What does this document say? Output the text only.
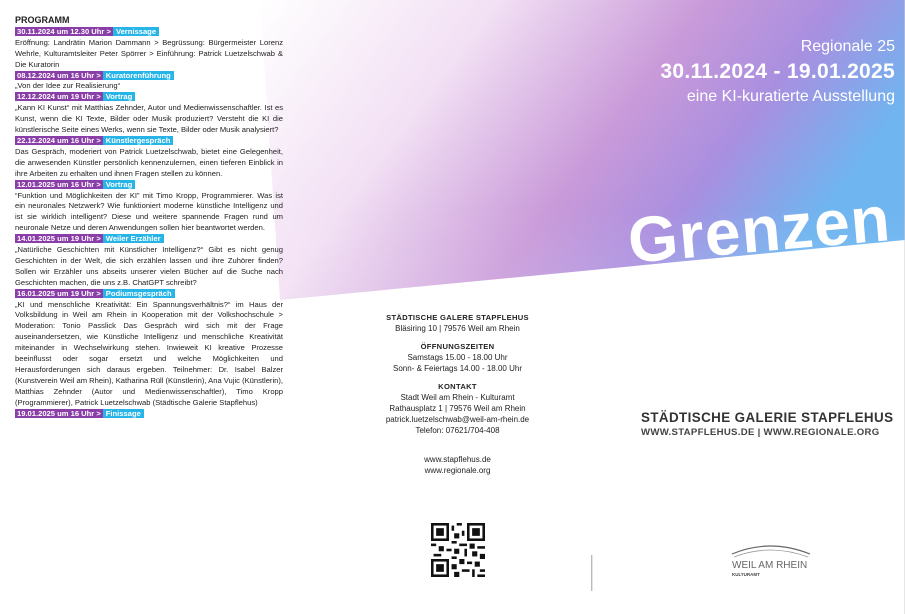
PROGRAMM
30.11.2024 um 12.30 Uhr > Vernissage

Eröffnung: Landrätin Marion Dammann > Begrüssung: Bürgermeister Lorenz Wehrle, Kulturamtsleiter Peter Spörrer > Einführung: Patrick Luetzelschwab & Die Kuratorin

08.12.2024 um 16 Uhr > Kuratorenführung

„Von der Idee zur Realisierung“

12.12.2024 um 19 Uhr > Vortrag

„Kann KI Kunst“ mit Matthias Zehnder, Autor und Medienwissenschaftler. Ist es Kunst, wenn die KI Texte, Bilder oder Musik produziert? Versteht die KI die künstlerische Seite eines Werks, wenn sie Texte, Bilder oder Musik analysiert?

22.12.2024 um 16 Uhr > Künstlergespräch

Das Gespräch, moderiert von Patrick Luetzelschwab, bietet eine Gelegenheit, die anwesenden Künstler persönlich kennenzulernen, einen tieferen Einblick in ihre Arbeiten zu erhalten und ihnen Fragen stellen zu können.

12.01.2025 um 16 Uhr > Vortrag

“Funktion und Möglichkeiten der KI” mit Timo Kropp, Programmierer. Was ist ein neuronales Netzwerk? Wie funktioniert moderne künstliche Intelligenz und ist sie wirklich intelligent? Diese und weitere spannende Fragen rund um neuronale Netze und deren Anwendungen sollen hier beantwortet werden.

14.01.2025 um 19 Uhr > Weiler Erzähler

„Natürliche Geschichten mit Künstlicher Intelligenz?“ Gibt es nicht genug Geschichten in der Welt, die sich erzählen lassen und ihre Zuhörer finden? Sollen wir Erzähler uns abseits unserer vielen Bücher auf die Suche nach Geschichten machen, die uns z.B. ChatGPT schreibt?

16.01.2025 um 19 Uhr > Podiumsgespräch

„KI und menschliche Kreativität: Ein Spannungsverhältnis?“ im Haus der Volksbildung in Weil am Rhein in Kooperation mit der Volkshochschule > Moderation: Tonio Passlick Das Gespräch wird sich mit der Frage auseinandersetzen, wie Künstliche Intelligenz und menschliche Kreativität miteinander in Wechselwirkung stehen. Inwieweit KI kreative Prozesse beeinflusst oder sogar ersetzt und welche Möglichkeiten und Herausforderungen sich daraus ergeben. Teilnehmer: Dr. Isabel Balzer (Kunstverein Weil am Rhein), Katharina Rüll (Künstlerin), Ana Vujic (Künstlerin), Matthias Zehnder (Autor und Medienwissenschaftler), Timo Kropp (Programmierer), Patrick Luetzelschwab (Städtische Galerie Stapflehus)

19.01.2025 um 16 Uhr > Finissage

STÄDTISCHE GALERE STAPFLEHUS

Bläsiring 10 | 79576 Weil am Rhein

ÖFFNUNGSZEITEN

Samstags 15.00 - 18.00 Uhr

Sonn- & Feiertags 14.00 - 18.00 Uhr

KONTAKT

Stadt Weil am Rhein - Kulturamt

Rathausplatz 1 | 79576 Weil am Rhein

patrick.luetzelschwab@weil-am-rhein.de

Telefon: 07621/704-408

www.stapflehus.de

www.regionale.org

Regionale 25
30.11.2024 - 19.01.2025
eine KI-kuratierte Ausstellung
Grenzen
STÄDTISCHE GALERIE STAPFLEHUS
WWW.STAPFLEHUS.DE | WWW.REGIONALE.ORG
WEIL AM RHEIN
KULTURAMT
